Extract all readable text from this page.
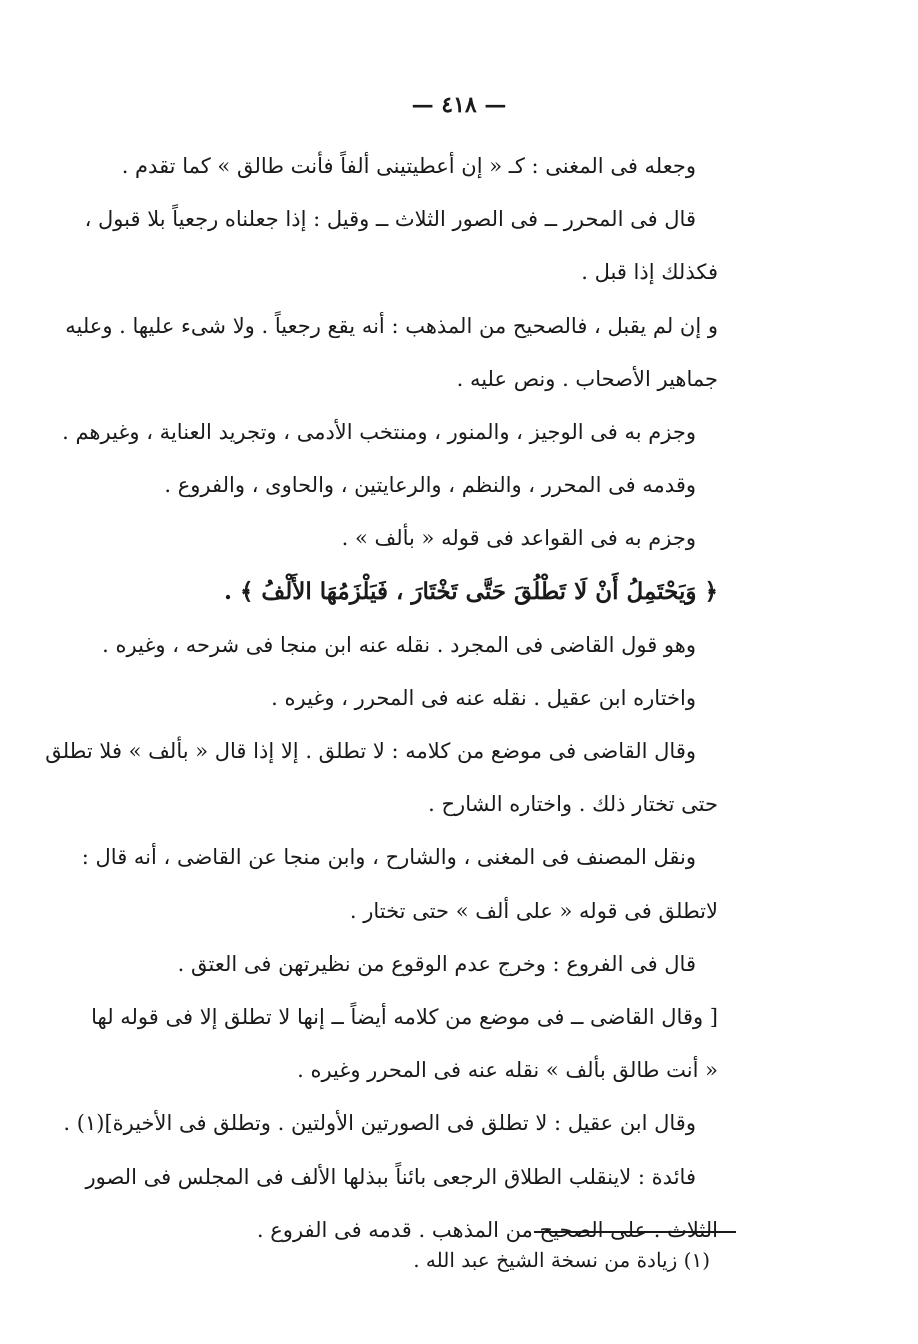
— ٤١٨ —
وجعله فى المغنى : كـ « إن أعطيتينى ألفاً فأنت طالق » كما تقدم .
قال فى المحرر ــ فى الصور الثلاث ــ وقيل : إذا جعلناه رجعياً بلا قبول ،
فكذلك إذا قبل .
و إن لم يقبل ، فالصحيح من المذهب : أنه يقع رجعياً . ولا شىء عليها . وعليه
جماهير الأصحاب . ونص عليه .
وجزم به فى الوجيز ، والمنور ، ومنتخب الأدمى ، وتجريد العناية ، وغيرهم .
وقدمه فى المحرر ، والنظم ، والرعايتين ، والحاوى ، والفروع .
وجزم به فى القواعد فى قوله « بألف » .
﴿ وَيَحْتَمِلُ أَنْ لَا تَطْلُقَ حَتَّى تَخْتَارَ ، فَيَلْزَمُهَا الأَلْفُ ﴾ .
وهو قول القاضى فى المجرد . نقله عنه ابن منجا فى شرحه ، وغيره .
واختاره ابن عقيل . نقله عنه فى المحرر ، وغيره .
وقال القاضى فى موضع من كلامه : لا تطلق . إلا إذا قال « بألف » فلا تطلق
حتى تختار ذلك . واختاره الشارح .
ونقل المصنف فى المغنى ، والشارح ، وابن منجا عن القاضى ، أنه قال :
لاتطلق فى قوله « على ألف » حتى تختار .
قال فى الفروع : وخرج عدم الوقوع من نظيرتهن فى العتق .
[ وقال القاضى ــ فى موضع من كلامه أيضاً ــ إنها لا تطلق إلا فى قوله لها
« أنت طالق بألف » نقله عنه فى المحرر وغيره .
وقال ابن عقيل : لا تطلق فى الصورتين الأولتين . وتطلق فى الأخيرة](١) .
فائدة : لاينقلب الطلاق الرجعى بائناً ببذلها الألف فى المجلس فى الصور
الثلاث . على الصحيح من المذهب . قدمه فى الفروع .
(١) زيادة من نسخة الشيخ عبد الله .
